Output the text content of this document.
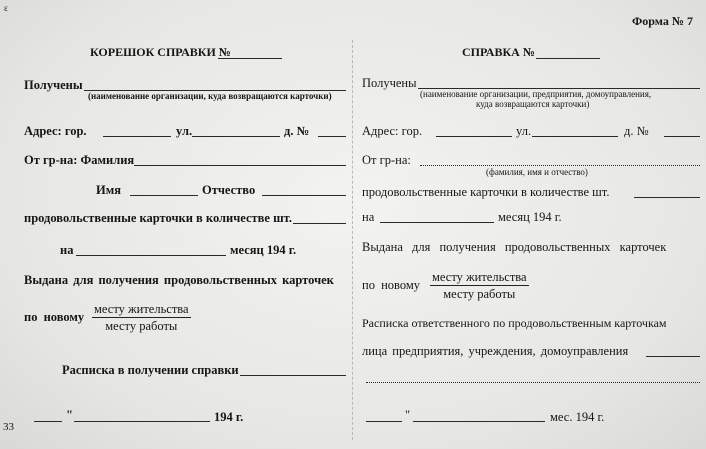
ε
33
Форма № 7
КОРЕШОК СПРАВКИ №
Получены
(наименование организации, куда возвращаются карточки)
Адрес: гор.	ул.	д. №
От гр-на: Фамилия
Имя	Отчество
продовольственные карточки в количестве шт.
на	месяц 194 г.
Выдана для получения продовольственных карточек
по новому
месту жительства
месту работы
Расписка в получении справки
"	194 г.
СПРАВКА №
Получены
(наименование организации, предприятия, домоуправления,
куда возвращаются карточки)
Адрес: гор.	ул.	д. №
От гр-на:
(фамилия, имя и отчество)
продовольственные карточки в количестве шт.
на	месяц 194 г.
Выдана для получения продовольственных карточек
по новому
месту жительства
месту работы
Расписка ответственного по продовольственным карточкам
лица предприятия, учреждения, домоуправления
"	мес. 194 г.
